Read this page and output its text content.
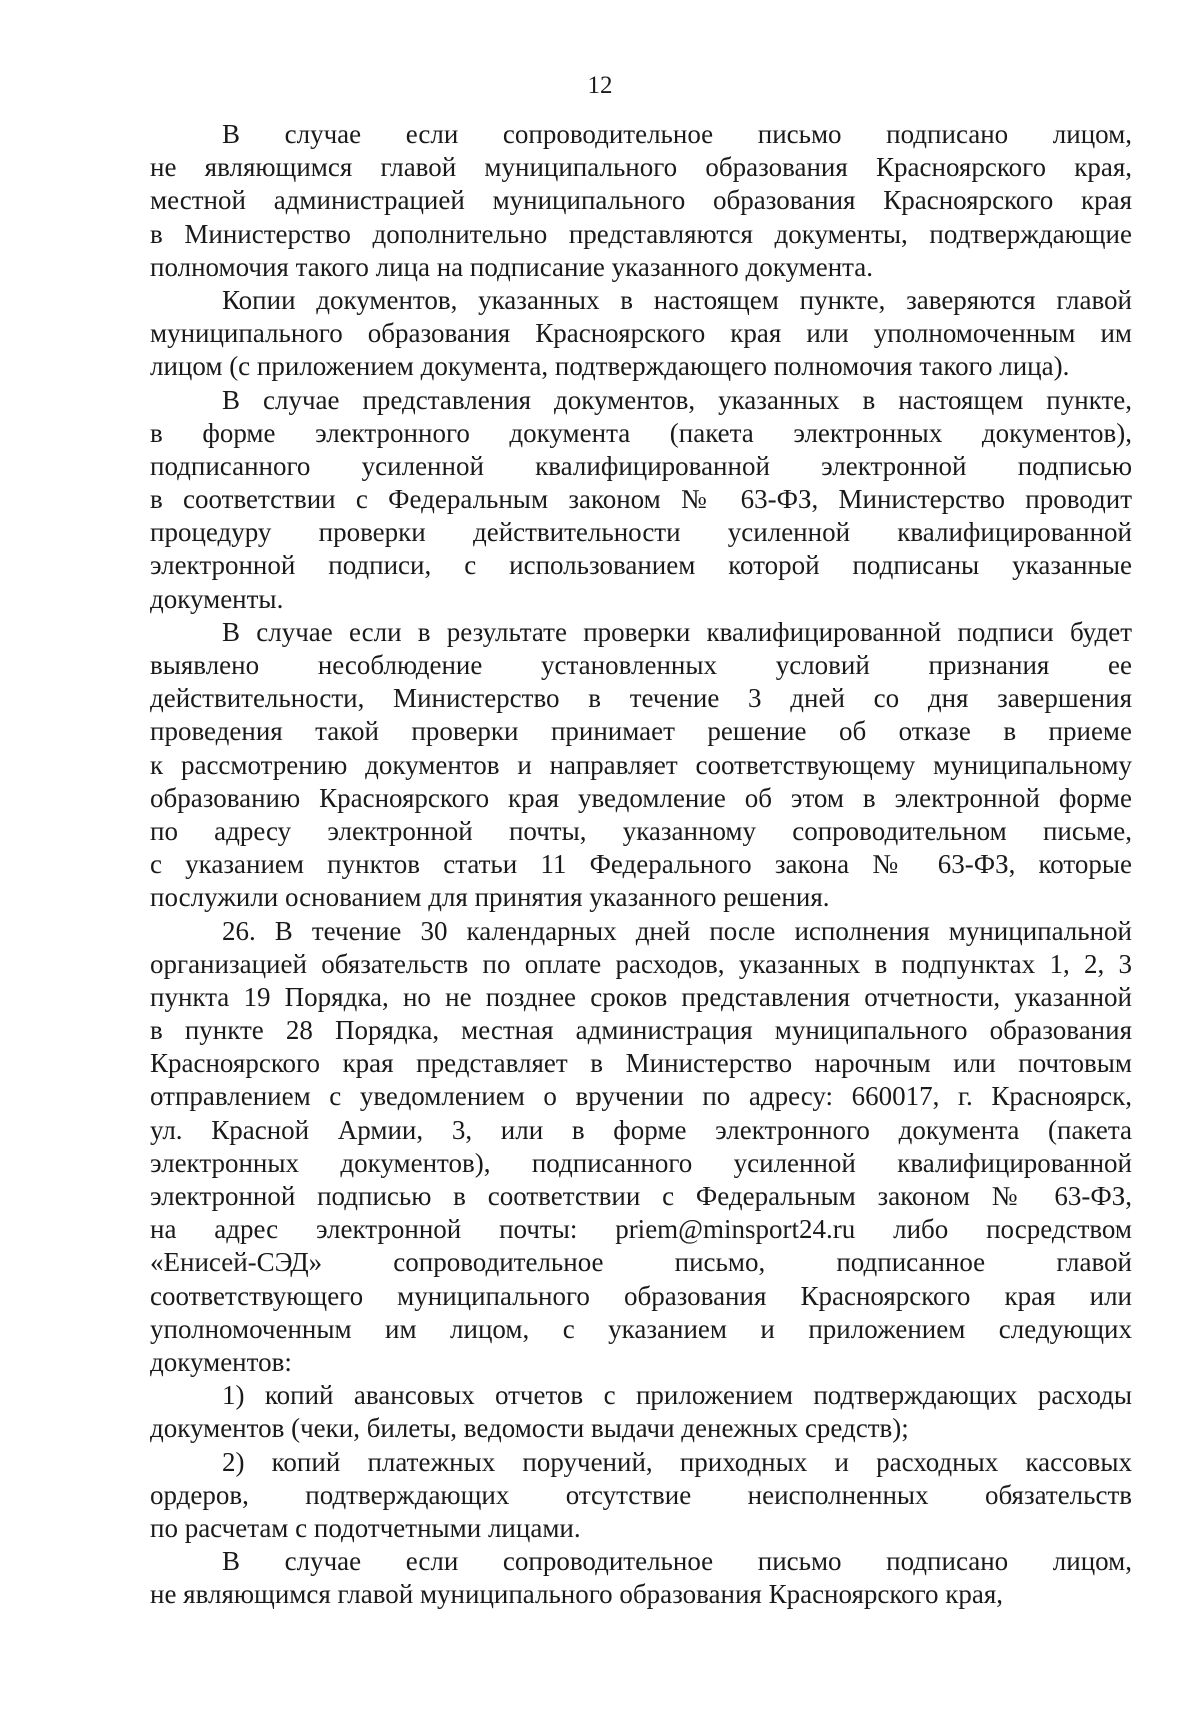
12
В случае если сопроводительное письмо подписано лицом,
не являющимся главой муниципального образования Красноярского края,
местной администрацией муниципального образования Красноярского края
в Министерство дополнительно представляются документы, подтверждающие
полномочия такого лица на подписание указанного документа.
Копии документов, указанных в настоящем пункте, заверяются главой
муниципального образования Красноярского края или уполномоченным им
лицом (с приложением документа, подтверждающего полномочия такого лица).
В случае представления документов, указанных в настоящем пункте,
в форме электронного документа (пакета электронных документов),
подписанного усиленной квалифицированной электронной подписью
в соответствии с Федеральным законом № 63-ФЗ, Министерство проводит
процедуру проверки действительности усиленной квалифицированной
электронной подписи, с использованием которой подписаны указанные
документы.
В случае если в результате проверки квалифицированной подписи будет
выявлено несоблюдение установленных условий признания ее
действительности, Министерство в течение 3 дней со дня завершения
проведения такой проверки принимает решение об отказе в приеме
к рассмотрению документов и направляет соответствующему муниципальному
образованию Красноярского края уведомление об этом в электронной форме
по адресу электронной почты, указанному сопроводительном письме,
с указанием пунктов статьи 11 Федерального закона № 63-ФЗ, которые
послужили основанием для принятия указанного решения.
26. В течение 30 календарных дней после исполнения муниципальной
организацией обязательств по оплате расходов, указанных в подпунктах 1, 2, 3
пункта 19 Порядка, но не позднее сроков представления отчетности, указанной
в пункте 28 Порядка, местная администрация муниципального образования
Красноярского края представляет в Министерство нарочным или почтовым
отправлением с уведомлением о вручении по адресу: 660017, г. Красноярск,
ул. Красной Армии, 3, или в форме электронного документа (пакета
электронных документов), подписанного усиленной квалифицированной
электронной подписью в соответствии с Федеральным законом № 63-ФЗ,
на адрес электронной почты: priem@minsport24.ru либо посредством
«Енисей-СЭД» сопроводительное письмо, подписанное главой
соответствующего муниципального образования Красноярского края или
уполномоченным им лицом, с указанием и приложением следующих
документов:
1) копий авансовых отчетов с приложением подтверждающих расходы
документов (чеки, билеты, ведомости выдачи денежных средств);
2) копий платежных поручений, приходных и расходных кассовых
ордеров, подтверждающих отсутствие неисполненных обязательств
по расчетам с подотчетными лицами.
В случае если сопроводительное письмо подписано лицом,
не являющимся главой муниципального образования Красноярского края,
